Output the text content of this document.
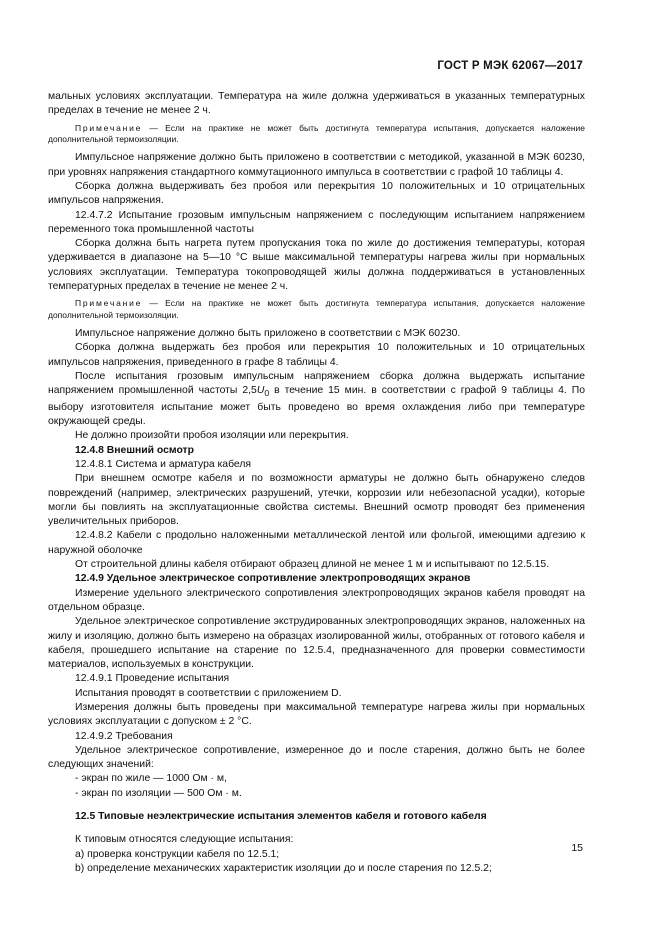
ГОСТ Р МЭК 62067—2017

мальных условиях эксплуатации. Температура на жиле должна удерживаться в указанных температурных пределах в течение не менее 2 ч.

Примечание — Если на практике не может быть достигнута температура испытания, допускается наложение дополнительной термоизоляции.

Импульсное напряжение должно быть приложено в соответствии с методикой, указанной в МЭК 60230, при уровнях напряжения стандартного коммутационного импульса в соответствии с графой 10 таблицы 4.

Сборка должна выдерживать без пробоя или перекрытия 10 положительных и 10 отрицательных импульсов напряжения.

12.4.7.2 Испытание грозовым импульсным напряжением с последующим испытанием напряжением переменного тока промышленной частоты

Сборка должна быть нагрета путем пропускания тока по жиле до достижения температуры, которая удерживается в диапазоне на 5—10 °С выше максимальной температуры нагрева жилы при нормальных условиях эксплуатации. Температура токопроводящей жилы должна поддерживаться в установленных температурных пределах в течение не менее 2 ч.

Примечание — Если на практике не может быть достигнута температура испытания, допускается наложение дополнительной термоизоляции.

Импульсное напряжение должно быть приложено в соответствии с МЭК 60230.

Сборка должна выдержать без пробоя или перекрытия 10 положительных и 10 отрицательных импульсов напряжения, приведенного в графе 8 таблицы 4.

После испытания грозовым импульсным напряжением сборка должна выдержать испытание напряжением промышленной частоты $2,5U_0$ в течение 15 мин. в соответствии с графой 9 таблицы 4. По выбору изготовителя испытание может быть проведено во время охлаждения либо при температуре окружающей среды.

Не должно произойти пробоя изоляции или перекрытия.

12.4.8 Внешний осмотр

12.4.8.1 Система и арматура кабеля

При внешнем осмотре кабеля и по возможности арматуры не должно быть обнаружено следов повреждений (например, электрических разрушений, утечки, коррозии или небезопасной усадки), которые могли бы повлиять на эксплуатационные свойства системы. Внешний осмотр проводят без применения увеличительных приборов.

12.4.8.2 Кабели с продольно наложенными металлической лентой или фольгой, имеющими адгезию к наружной оболочке

От строительной длины кабеля отбирают образец длиной не менее 1 м и испытывают по 12.5.15.

12.4.9 Удельное электрическое сопротивление электропроводящих экранов

Измерение удельного электрического сопротивления электропроводящих экранов кабеля проводят на отдельном образце.

Удельное электрическое сопротивление экструдированных электропроводящих экранов, наложенных на жилу и изоляцию, должно быть измерено на образцах изолированной жилы, отобранных от готового кабеля и кабеля, прошедшего испытание на старение по 12.5.4, предназначенного для проверки совместимости материалов, используемых в конструкции.

12.4.9.1 Проведение испытания

Испытания проводят в соответствии с приложением D.

Измерения должны быть проведены при максимальной температуре нагрева жилы при нормальных условиях эксплуатации с допуском ± 2 °С.

12.4.9.2 Требования

Удельное электрическое сопротивление, измеренное до и после старения, должно быть не более следующих значений:

- экран по жиле — 1000 Ом · м,

- экран по изоляции — 500 Ом · м.

12.5 Типовые неэлектрические испытания элементов кабеля и готового кабеля

К типовым относятся следующие испытания:

a) проверка конструкции кабеля по 12.5.1;

b) определение механических характеристик изоляции до и после старения по 12.5.2;

15
